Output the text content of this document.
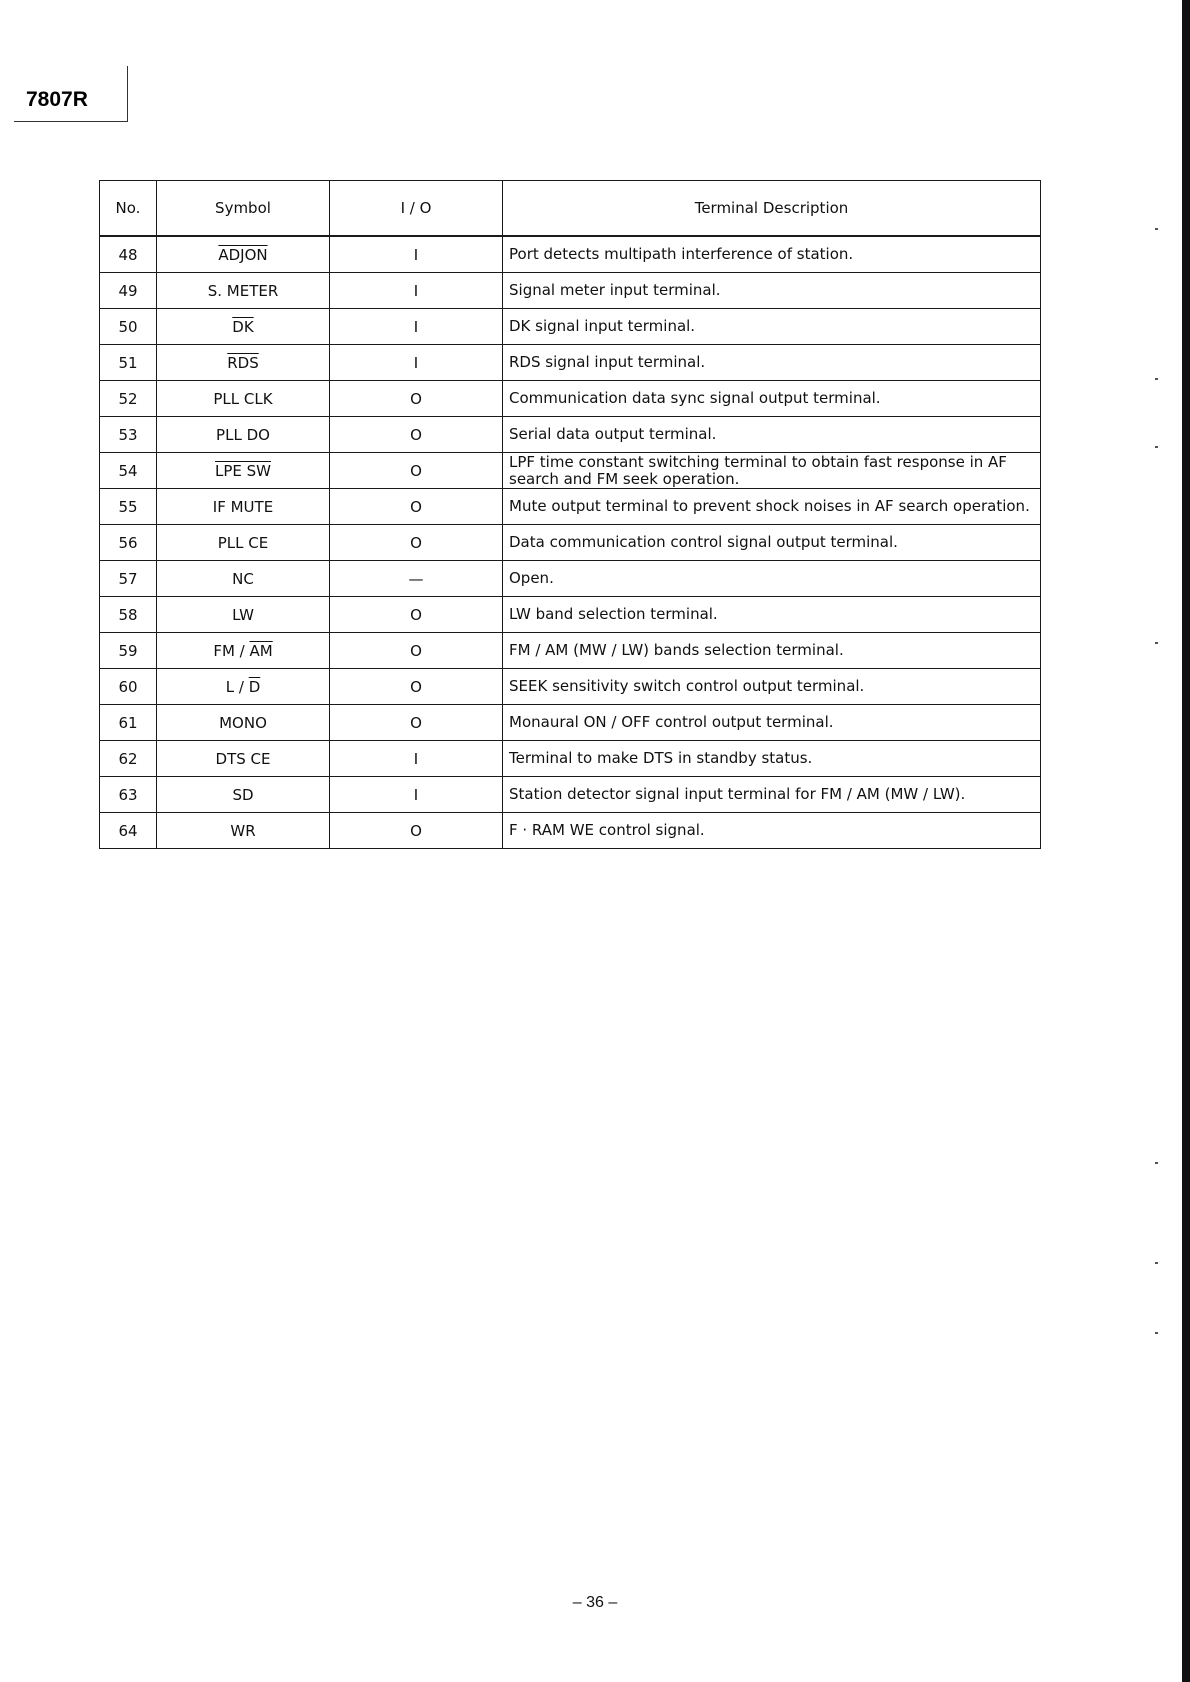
7807R
No.	Symbol	I / O	Terminal Description
48	ADJON	I	Port detects multipath interference of station.
49	S. METER	I	Signal meter input terminal.
50	$\overline{DK}$	I	DK signal input terminal.
51	$\overline{RDS}$	I	RDS signal input terminal.
52	PLL CLK	O	Communication data sync signal output terminal.
53	PLL DO	O	Serial data output terminal.
54	LPE SW	O	LPF time constant switching terminal to obtain fast response in AF search and FM seek operation.
55	IF MUTE	O	Mute output terminal to prevent shock noises in AF search operation.
56	PLL CE	O	Data communication control signal output terminal.
57	NC	—	Open.
58	LW	O	LW band selection terminal.
59	FM / $\overline{AM}$	O	FM / AM (MW / LW) bands selection terminal.
60	L / $\overline{D}$	O	SEEK sensitivity switch control output terminal.
61	MONO	O	Monaural ON / OFF control output terminal.
62	DTS CE	I	Terminal to make DTS in standby status.
63	SD	I	Station detector signal input terminal for FM / AM (MW / LW).
64	WR	O	F · RAM WE control signal.
– 36 –
